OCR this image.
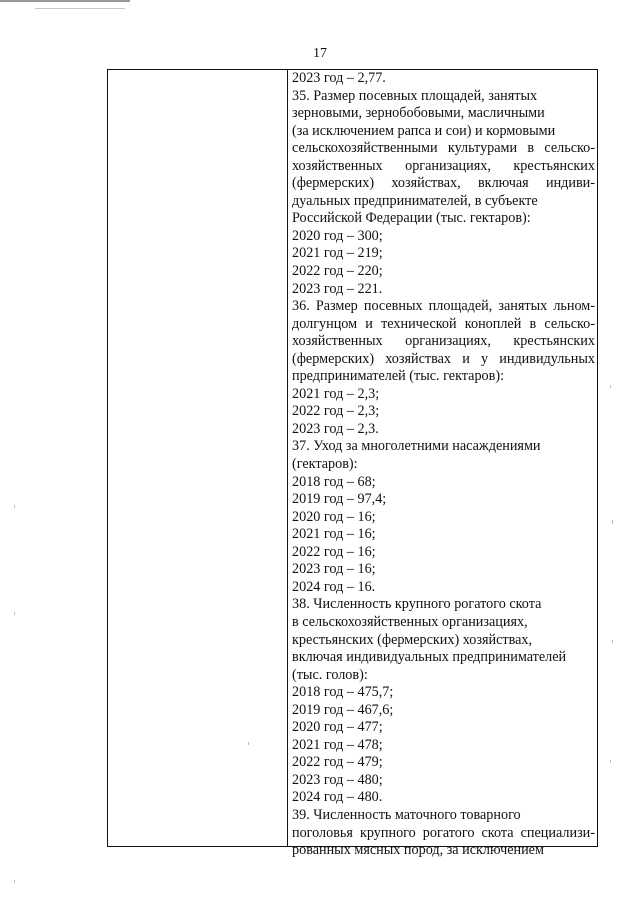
17
2023 год – 2,77.
35. Размер посевных площадей, занятых
зерновыми, зернобобовыми, масличными
(за исключением рапса и сои) и кормовыми
сельскохозяйственными культурами в сельско-
хозяйственных организациях, крестьянских
(фермерских) хозяйствах, включая индиви-
дуальных предпринимателей, в субъекте
Российской Федерации (тыс. гектаров):
2020 год – 300;
2021 год – 219;
2022 год – 220;
2023 год – 221.
36. Размер посевных площадей, занятых льном-
долгунцом и технической коноплей в сельско-
хозяйственных организациях, крестьянских
(фермерских) хозяйствах и у индивидульных
предпринимателей (тыс. гектаров):
2021 год – 2,3;
2022 год – 2,3;
2023 год – 2,3.
37. Уход за многолетними насаждениями
(гектаров):
2018 год – 68;
2019 год – 97,4;
2020 год – 16;
2021 год – 16;
2022 год – 16;
2023 год – 16;
2024 год – 16.
38. Численность крупного рогатого скота
в сельскохозяйственных организациях,
крестьянских (фермерских) хозяйствах,
включая индивидуальных предпринимателей
(тыс. голов):
2018 год – 475,7;
2019 год – 467,6;
2020 год – 477;
2021 год – 478;
2022 год – 479;
2023 год – 480;
2024 год – 480.
39. Численность маточного товарного
поголовья крупного рогатого скота специализи-
рованных мясных пород, за исключением
